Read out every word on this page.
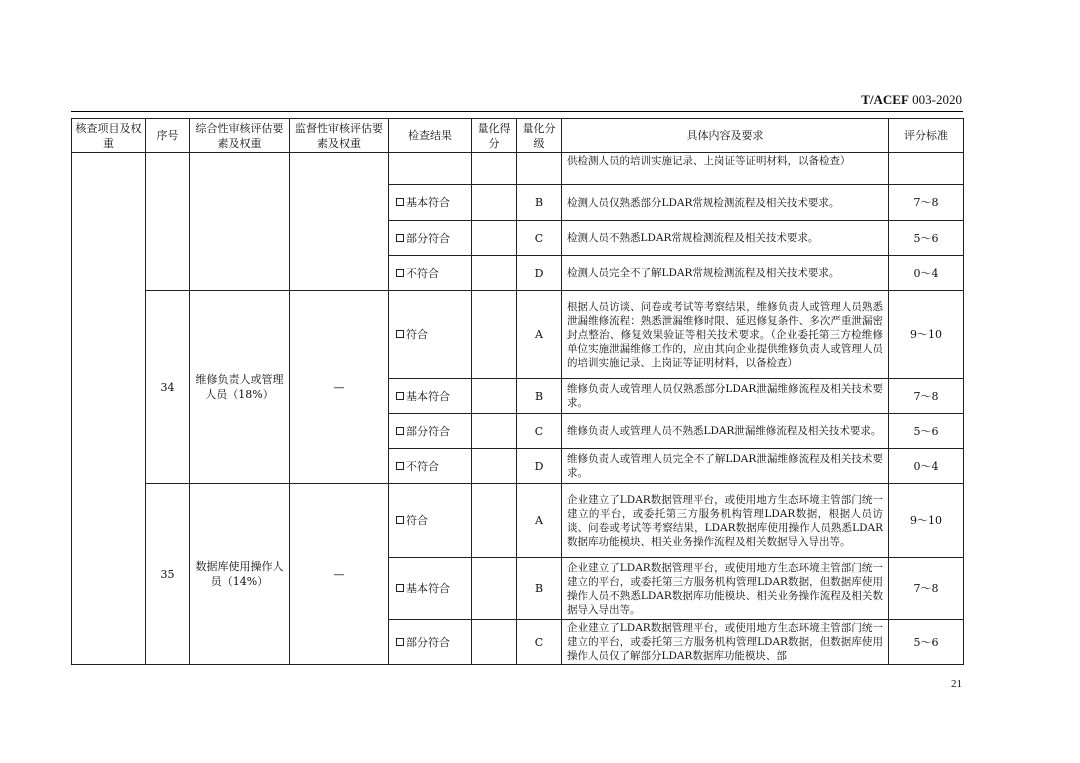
T/ACEF 003-2020
核查项目及权重	序号	综合性审核评估要素及权重	监督性审核评估要素及权重	检查结果	量化得分	量化分级	具体内容及要求	评分标准
							供检测人员的培训实施记录、上岗证等证明材料，以备检查）	
				基本符合		B	检测人员仅熟悉部分LDAR常规检测流程及相关技术要求。	7～8
				部分符合		C	检测人员不熟悉LDAR常规检测流程及相关技术要求。	5～6
				不符合		D	检测人员完全不了解LDAR常规检测流程及相关技术要求。	0～4
	34	维修负责人或管理人员（18%）	—	符合		A	根据人员访谈、问卷或考试等考察结果，维修负责人或管理人员熟悉泄漏维修流程：熟悉泄漏维修时限、延迟修复条件、多次严重泄漏密封点整治、修复效果验证等相关技术要求。（企业委托第三方检维修单位实施泄漏维修工作的，应由其向企业提供维修负责人或管理人员的培训实施记录、上岗证等证明材料，以备检查）	9～10
				基本符合		B	维修负责人或管理人员仅熟悉部分LDAR泄漏维修流程及相关技术要求。	7～8
				部分符合		C	维修负责人或管理人员不熟悉LDAR泄漏维修流程及相关技术要求。	5～6
				不符合		D	维修负责人或管理人员完全不了解LDAR泄漏维修流程及相关技术要求。	0～4
	35	数据库使用操作人员（14%）	—	符合		A	企业建立了LDAR数据管理平台，或使用地方生态环境主管部门统一建立的平台，或委托第三方服务机构管理LDAR数据，根据人员访谈、问卷或考试等考察结果，LDAR数据库使用操作人员熟悉LDAR数据库功能模块、相关业务操作流程及相关数据导入导出等。	9～10
				基本符合		B	企业建立了LDAR数据管理平台，或使用地方生态环境主管部门统一建立的平台，或委托第三方服务机构管理LDAR数据，但数据库使用操作人员不熟悉LDAR数据库功能模块、相关业务操作流程及相关数据导入导出等。	7～8
				部分符合		C	企业建立了LDAR数据管理平台，或使用地方生态环境主管部门统一建立的平台，或委托第三方服务机构管理LDAR数据，但数据库使用操作人员仅了解部分LDAR数据库功能模块、部	5～6
21
